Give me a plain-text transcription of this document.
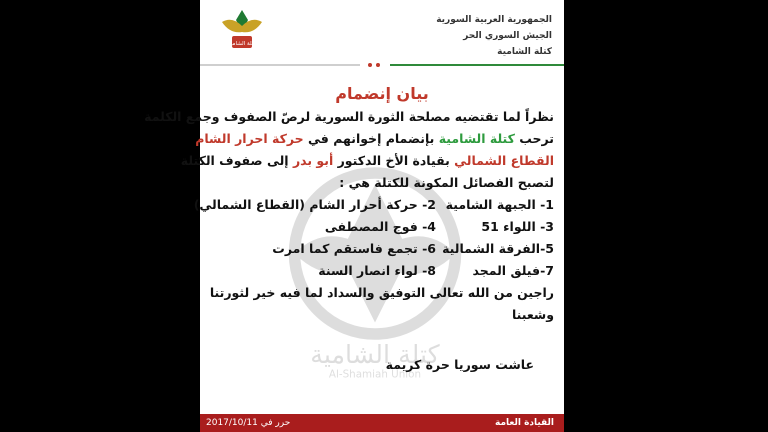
كتلة الشامية
Al-Shamiah Union
كتلة الشامية
الجمهورية العربية السورية
الجيش السوري الحر
كتلة الشامية
بيان إنضمام

نظراً لما تقتضيه مصلحة الثورة السورية لرصّ الصفوف وجمع الكلمة

ترحب كتلة الشامية بإنضمام إخوانهم في حركة احرار الشام

القطاع الشمالي بقيادة الأخ الدكتور أبو بدر إلى صفوف الكتلة

لتصبح الفصائل المكونة للكتلة هي :

1- الجبهة الشامية
2- حركة أحرار الشام (القطاع الشمالي)
3- اللواء 51
4- فوج المصطفى
5-الفرقة الشمالية
6- تجمع فاستقم كما امرت
7-فيلق المجد
8- لواء انصار السنة

راجين من الله تعالى التوفيق والسداد لما فيه خير لثورتنا

وشعبنا

عاشت سوريا حرة كريمة
حرر في 2017/10/11	القيادة العامة
